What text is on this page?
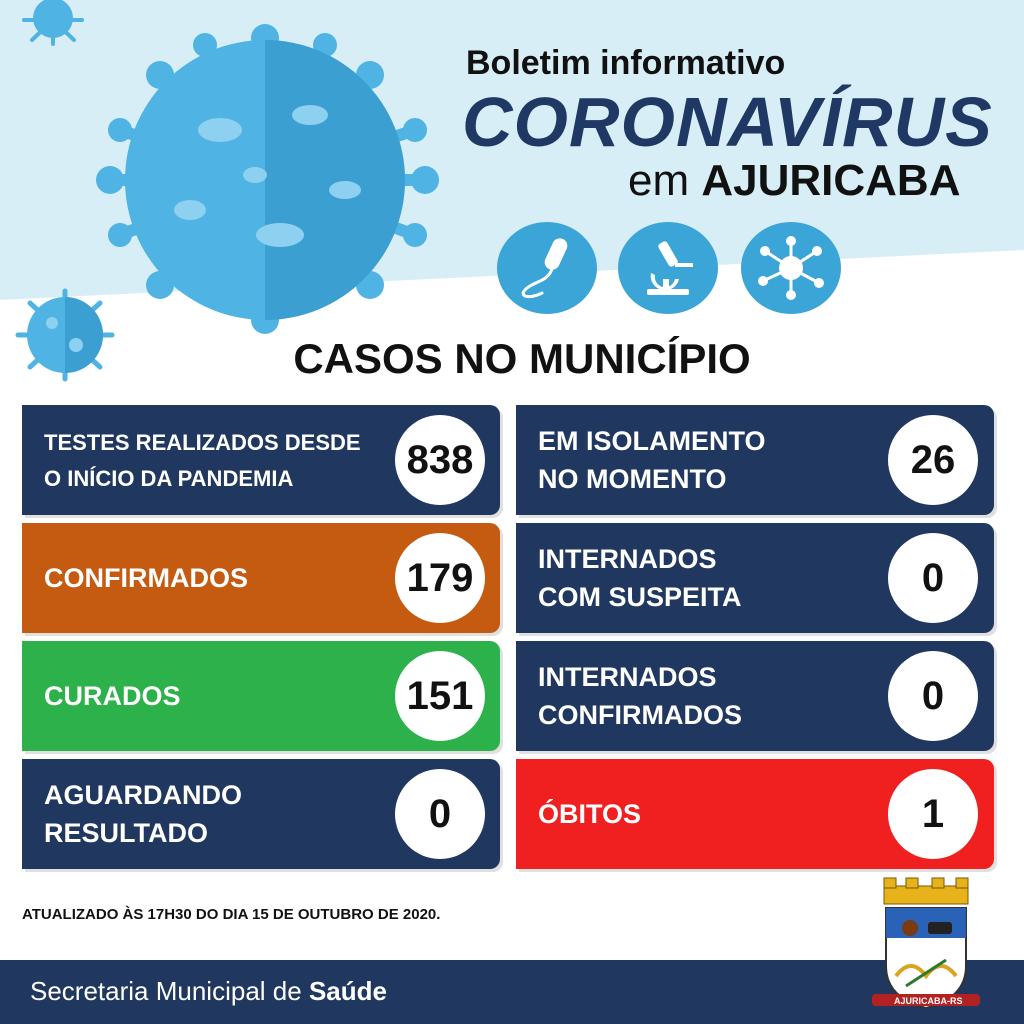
Boletim informativo
CORONAVÍRUS
em AJURICABA
CASOS NO MUNICÍPIO
TESTES REALIZADOS DESDE
O INÍCIO DA PANDEMIA	838
CONFIRMADOS	179
CURADOS	151
AGUARDANDO
RESULTADO	0
EM ISOLAMENTO
NO MOMENTO	26
INTERNADOS
COM SUSPEITA	0
INTERNADOS
CONFIRMADOS	0
ÓBITOS	1
ATUALIZADO ÀS 17H30 DO DIA 15 DE OUTUBRO DE 2020.
Secretaria Municipal de Saúde	AJURICABA-RS
